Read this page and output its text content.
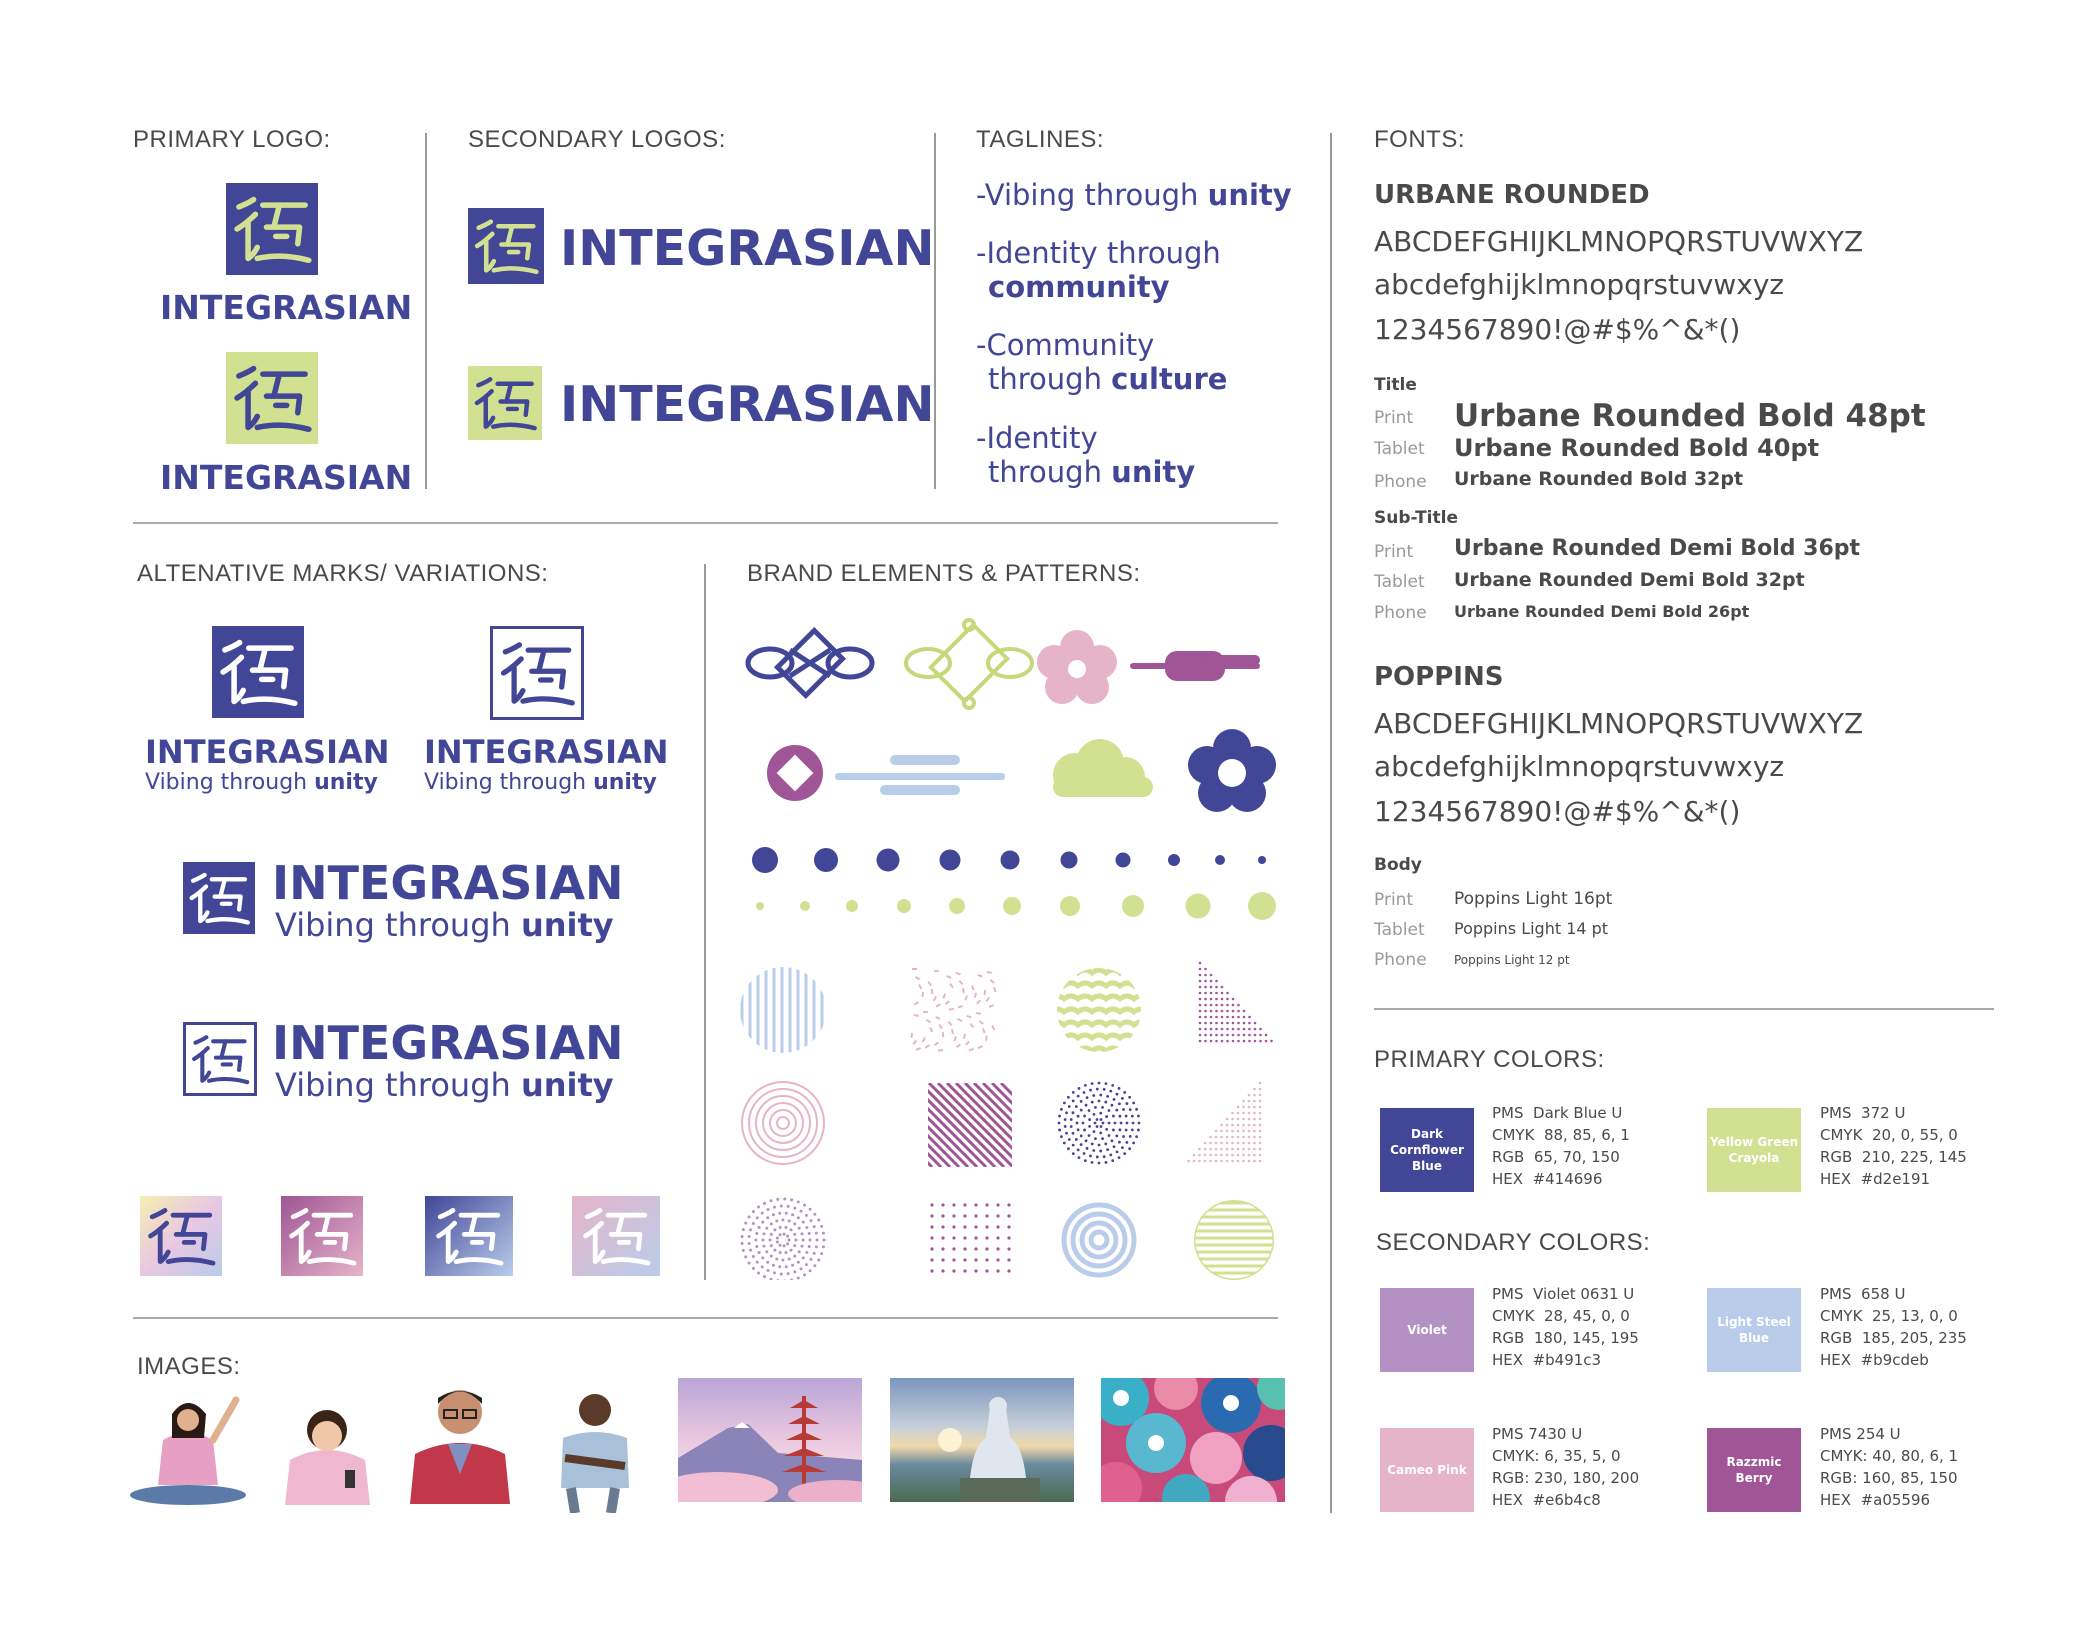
PRIMARY LOGO:
INTEGRASIAN
INTEGRASIAN
SECONDARY LOGOS:
INTEGRASIAN
INTEGRASIAN
TAGLINES:
-Vibing through unity
-Identity through
community
-Community
through culture
-Identity
through unity
ALTENATIVE MARKS/ VARIATIONS:
INTEGRASIAN
Vibing through unity
INTEGRASIAN
Vibing through unity
INTEGRASIAN
Vibing through unity
INTEGRASIAN
Vibing through unity
BRAND ELEMENTS & PATTERNS:
IMAGES:
FONTS:
URBANE ROUNDED
ABCDEFGHIJKLMNOPQRSTUVWXYZ
abcdefghijklmnopqrstuvwxyz
1234567890!@#$%^&*()
Title
Print Urbane Rounded Bold 48pt
Tablet Urbane Rounded Bold 40pt
Phone Urbane Rounded Bold 32pt
Sub-Title
Print Urbane Rounded Demi Bold 36pt
Tablet Urbane Rounded Demi Bold 32pt
Phone Urbane Rounded Demi Bold 26pt
POPPINS
ABCDEFGHIJKLMNOPQRSTUVWXYZ
abcdefghijklmnopqrstuvwxyz
1234567890!@#$%^&*()
Body
Print Poppins Light 16pt
Tablet Poppins Light 14 pt
Phone Poppins Light 12 pt
PRIMARY COLORS:
Dark Cornflower Blue
PMS  Dark Blue U
CMYK  88, 85, 6, 1
RGB  65, 70, 150
HEX  #414696
Yellow Green Crayola
PMS  372 U
CMYK  20, 0, 55, 0
RGB  210, 225, 145
HEX  #d2e191
SECONDARY COLORS:
Violet
PMS  Violet 0631 U
CMYK  28, 45, 0, 0
RGB  180, 145, 195
HEX  #b491c3
Light Steel Blue
PMS  658 U
CMYK  25, 13, 0, 0
RGB  185, 205, 235
HEX  #b9cdeb
Cameo Pink
PMS 7430 U
CMYK: 6, 35, 5, 0
RGB: 230, 180, 200
HEX  #e6b4c8
Razzmic Berry
PMS 254 U
CMYK: 40, 80, 6, 1
RGB: 160, 85, 150
HEX  #a05596
